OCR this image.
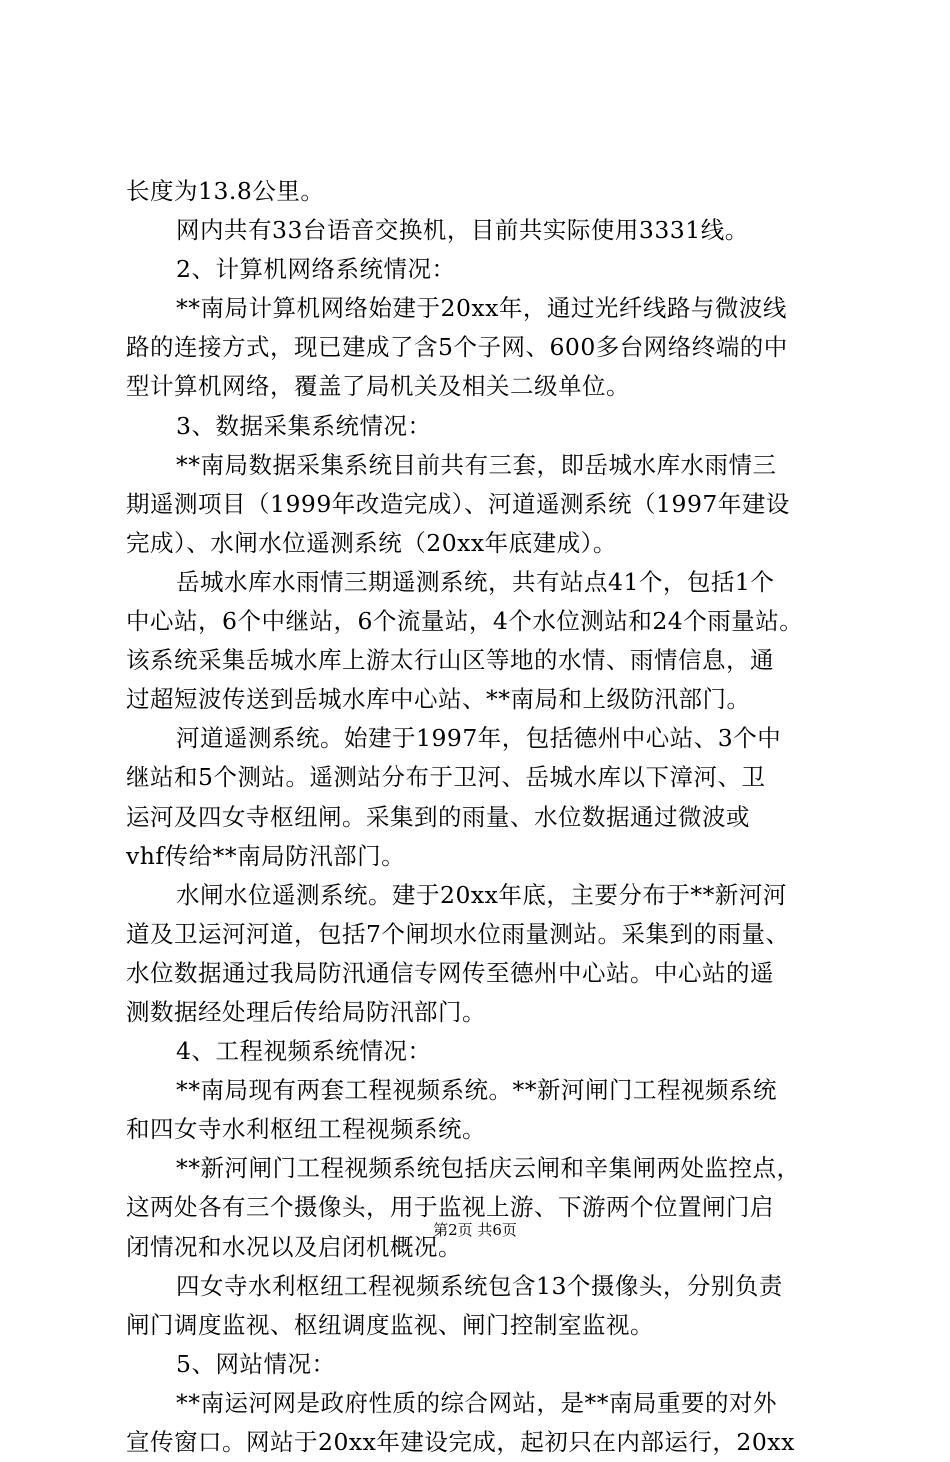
长度为13.8公里。
网内共有33台语音交换机，目前共实际使用3331线。
2、计算机网络系统情况：
**南局计算机网络始建于20xx年，通过光纤线路与微波线
路的连接方式，现已建成了含5个子网、600多台网络终端的中
型计算机网络，覆盖了局机关及相关二级单位。
3、数据采集系统情况：
**南局数据采集系统目前共有三套，即岳城水库水雨情三
期遥测项目（1999年改造完成）、河道遥测系统（1997年建设
完成）、水闸水位遥测系统（20xx年底建成）。
岳城水库水雨情三期遥测系统，共有站点41个，包括1个
中心站，6个中继站，6个流量站，4个水位测站和24个雨量站。
该系统采集岳城水库上游太行山区等地的水情、雨情信息，通
过超短波传送到岳城水库中心站、**南局和上级防汛部门。
河道遥测系统。始建于1997年，包括德州中心站、3个中
继站和5个测站。遥测站分布于卫河、岳城水库以下漳河、卫
运河及四女寺枢纽闸。采集到的雨量、水位数据通过微波或
vhf传给**南局防汛部门。
水闸水位遥测系统。建于20xx年底，主要分布于**新河河
道及卫运河河道，包括7个闸坝水位雨量测站。采集到的雨量、
水位数据通过我局防汛通信专网传至德州中心站。中心站的遥
测数据经处理后传给局防汛部门。
4、工程视频系统情况：
**南局现有两套工程视频系统。**新河闸门工程视频系统
和四女寺水利枢纽工程视频系统。
**新河闸门工程视频系统包括庆云闸和辛集闸两处监控点，
这两处各有三个摄像头，用于监视上游、下游两个位置闸门启
闭情况和水况以及启闭机概况。
四女寺水利枢纽工程视频系统包含13个摄像头，分别负责
闸门调度监视、枢纽调度监视、闸门控制室监视。
5、网站情况：
**南运河网是政府性质的综合网站，是**南局重要的对外
宣传窗口。网站于20xx年建设完成，起初只在内部运行，20xx
第2页 共6页
